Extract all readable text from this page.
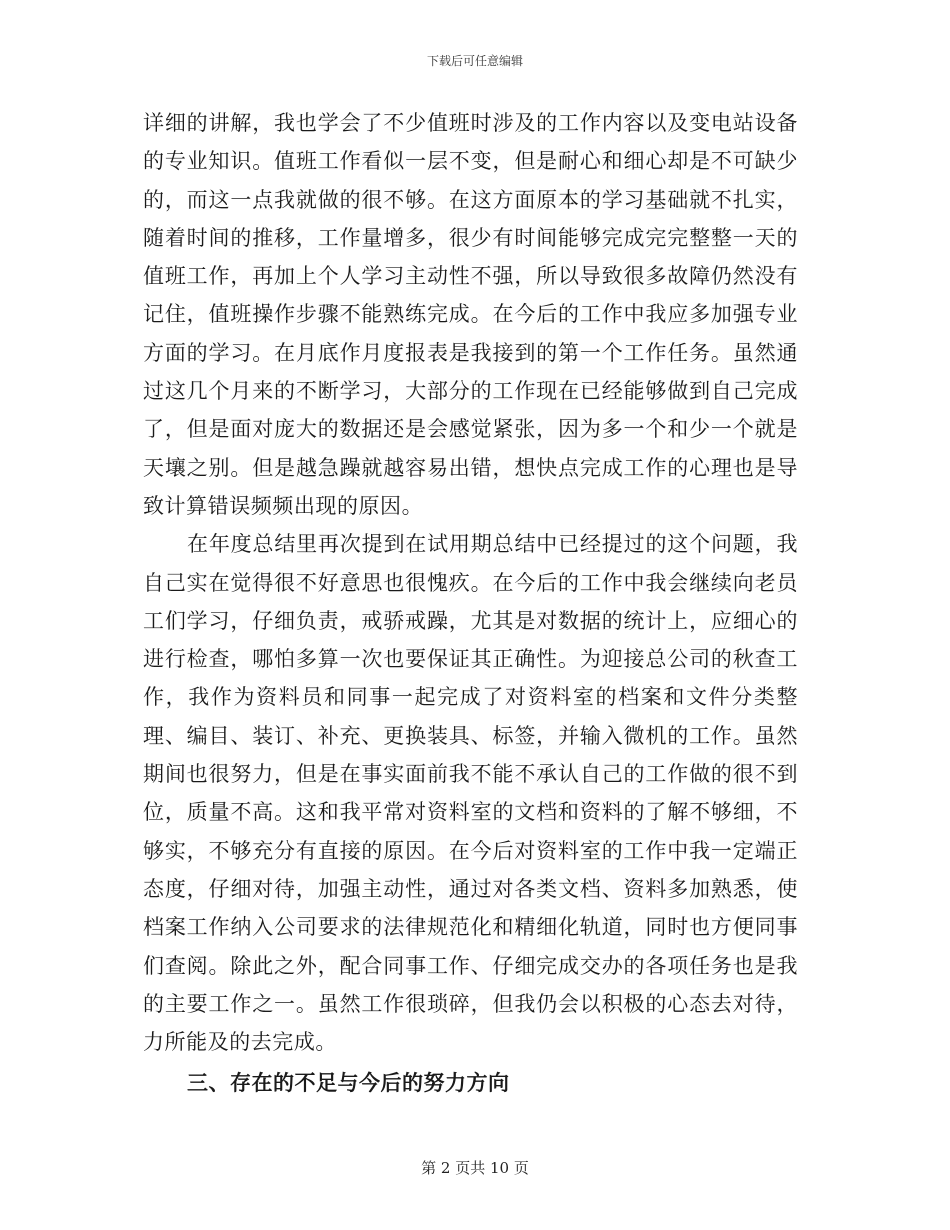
下载后可任意编辑

详细的讲解，我也学会了不少值班时涉及的工作内容以及变电站设备的专业知识。值班工作看似一层不变，但是耐心和细心却是不可缺少的，而这一点我就做的很不够。在这方面原本的学习基础就不扎实，随着时间的推移，工作量增多，很少有时间能够完成完完整整一天的值班工作，再加上个人学习主动性不强，所以导致很多故障仍然没有记住，值班操作步骤不能熟练完成。在今后的工作中我应多加强专业方面的学习。在月底作月度报表是我接到的第一个工作任务。虽然通过这几个月来的不断学习，大部分的工作现在已经能够做到自己完成了，但是面对庞大的数据还是会感觉紧张，因为多一个和少一个就是天壤之别。但是越急躁就越容易出错，想快点完成工作的心理也是导致计算错误频频出现的原因。

在年度总结里再次提到在试用期总结中已经提过的这个问题，我自己实在觉得很不好意思也很愧疚。在今后的工作中我会继续向老员工们学习，仔细负责，戒骄戒躁，尤其是对数据的统计上，应细心的进行检查，哪怕多算一次也要保证其正确性。为迎接总公司的秋查工作，我作为资料员和同事一起完成了对资料室的档案和文件分类整理、编目、装订、补充、更换装具、标签，并输入微机的工作。虽然期间也很努力，但是在事实面前我不能不承认自己的工作做的很不到位，质量不高。这和我平常对资料室的文档和资料的了解不够细，不够实，不够充分有直接的原因。在今后对资料室的工作中我一定端正态度，仔细对待，加强主动性，通过对各类文档、资料多加熟悉，使档案工作纳入公司要求的法律规范化和精细化轨道，同时也方便同事们查阅。除此之外，配合同事工作、仔细完成交办的各项任务也是我的主要工作之一。虽然工作很琐碎，但我仍会以积极的心态去对待，力所能及的去完成。

三、存在的不足与今后的努力方向

第 2 页共 10 页
